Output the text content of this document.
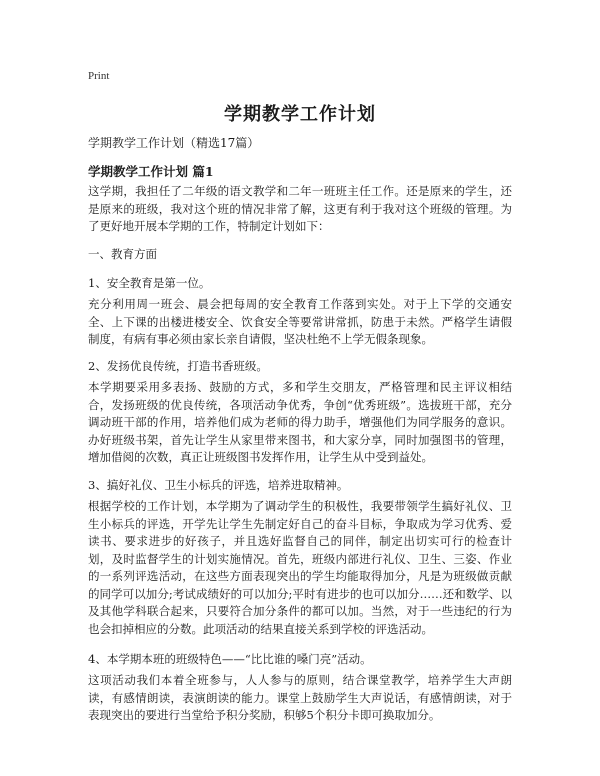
Print
学期教学工作计划
学期教学工作计划（精选17篇）
学期教学工作计划 篇1
这学期，我担任了二年级的语文教学和二年一班班主任工作。还是原来的学生，还是原来的班级，我对这个班的情况非常了解，这更有利于我对这个班级的管理。为了更好地开展本学期的工作，特制定计划如下：
一、教育方面
1、安全教育是第一位。
充分利用周一班会、晨会把每周的安全教育工作落到实处。对于上下学的交通安全、上下课的出楼进楼安全、饮食安全等要常讲常抓，防患于未然。严格学生请假制度，有病有事必须由家长亲自请假，坚决杜绝不上学无假条现象。
2、发扬优良传统，打造书香班级。
本学期要采用多表扬、鼓励的方式，多和学生交朋友，严格管理和民主评议相结合，发扬班级的优良传统，各项活动争优秀，争创“优秀班级”。选拔班干部，充分调动班干部的作用，培养他们成为老师的得力助手，增强他们为同学服务的意识。办好班级书架，首先让学生从家里带来图书，和大家分享，同时加强图书的管理，增加借阅的次数，真正让班级图书发挥作用，让学生从中受到益处。
3、搞好礼仪、卫生小标兵的评选，培养进取精神。
根据学校的工作计划，本学期为了调动学生的积极性，我要带领学生搞好礼仪、卫生小标兵的评选，开学先让学生先制定好自己的奋斗目标，争取成为学习优秀、爱读书、要求进步的好孩子，并且选好监督自己的同伴，制定出切实可行的检查计划，及时监督学生的计划实施情况。首先，班级内部进行礼仪、卫生、三姿、作业的一系列评选活动，在这些方面表现突出的学生均能取得加分，凡是为班级做贡献的同学可以加分;考试成绩好的可以加分;平时有进步的也可以加分……还和数学、以及其他学科联合起来，只要符合加分条件的都可以加。当然，对于一些违纪的行为也会扣掉相应的分数。此项活动的结果直接关系到学校的评选活动。
4、本学期本班的班级特色——“比比谁的嗓门亮”活动。
这项活动我们本着全班参与，人人参与的原则，结合课堂教学，培养学生大声朗读，有感情朗读，表演朗读的能力。课堂上鼓励学生大声说话，有感情朗读，对于表现突出的要进行当堂给予积分奖励，积够5个积分卡即可换取加分。
